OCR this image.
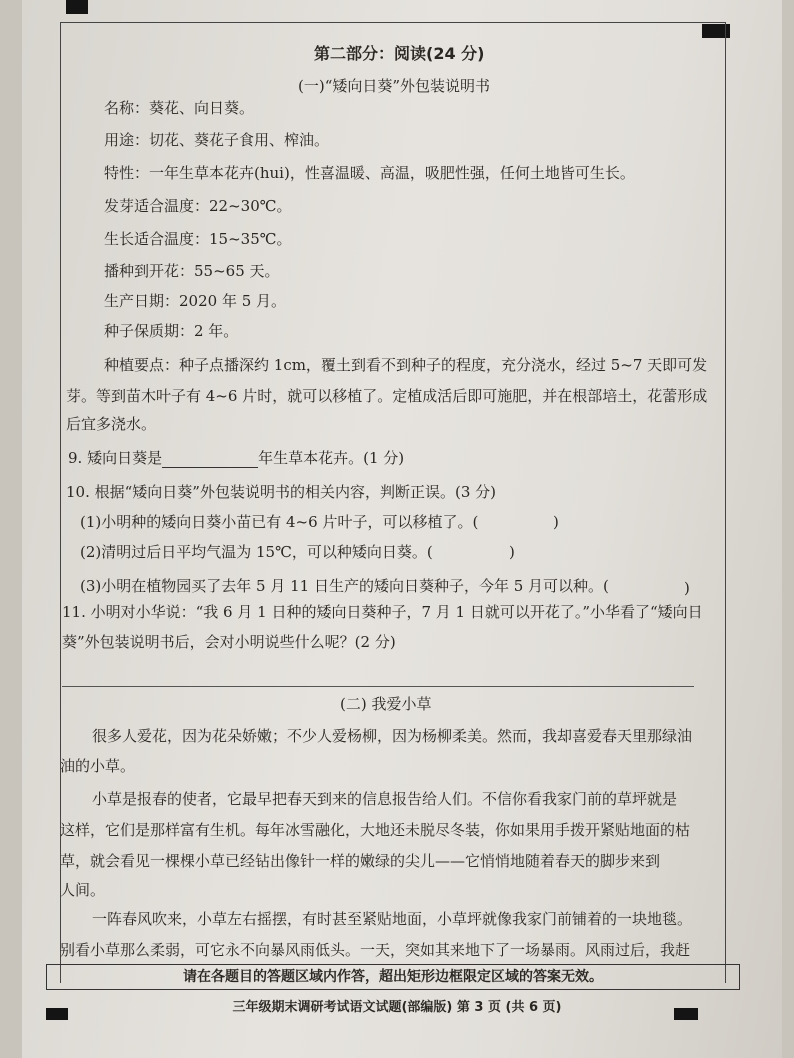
第二部分：阅读(24 分)
(一)“矮向日葵”外包装说明书
名称：葵花、向日葵。
用途：切花、葵花子食用、榨油。
特性：一年生草本花卉(hui)，性喜温暖、高温，吸肥性强，任何土地皆可生长。
发芽适合温度：22~30℃。
生长适合温度：15~35℃。
播种到开花：55~65 天。
生产日期：2020 年 5 月。
种子保质期：2 年。
种植要点：种子点播深约 1cm，覆土到看不到种子的程度，充分浇水，经过 5~7 天即可发
芽。等到苗木叶子有 4~6 片时，就可以移植了。定植成活后即可施肥，并在根部培土，花蕾形成
后宜多浇水。
9. 矮向日葵是	年生草本花卉。(1 分)
10. 根据“矮向日葵”外包装说明书的相关内容，判断正误。(3 分)
(1)小明种的矮向日葵小苗已有 4~6 片叶子，可以移植了。(	)
(2)清明过后日平均气温为 15℃，可以种矮向日葵。(	)
(3)小明在植物园买了去年 5 月 11 日生产的矮向日葵种子，今年 5 月可以种。(	)
11. 小明对小华说：“我 6 月 1 日种的矮向日葵种子，7 月 1 日就可以开花了。”小华看了“矮向日
葵”外包装说明书后，会对小明说些什么呢？(2 分)
(二) 我爱小草
很多人爱花，因为花朵娇嫩；不少人爱杨柳，因为杨柳柔美。然而，我却喜爱春天里那绿油
油的小草。
小草是报春的使者，它最早把春天到来的信息报告给人们。不信你看我家门前的草坪就是
这样，它们是那样富有生机。每年冰雪融化，大地还未脱尽冬装，你如果用手拨开紧贴地面的枯
草，就会看见一棵棵小草已经钻出像针一样的嫩绿的尖儿——它悄悄地随着春天的脚步来到
人间。
一阵春风吹来，小草左右摇摆，有时甚至紧贴地面，小草坪就像我家门前铺着的一块地毯。
别看小草那么柔弱，可它永不向暴风雨低头。一天，突如其来地下了一场暴雨。风雨过后，我赶
请在各题目的答题区域内作答，超出矩形边框限定区域的答案无效。
三年级期末调研考试语文试题(部编版) 第 3 页 (共 6 页)
